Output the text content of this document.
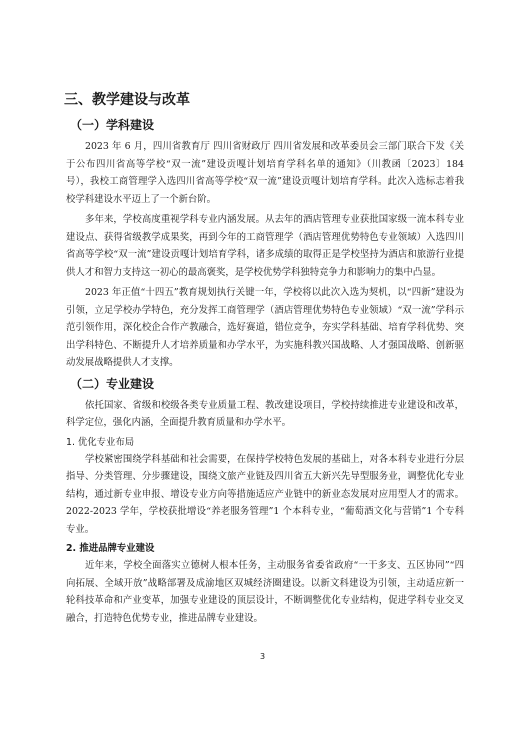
三、教学建设与改革
（一）学科建设

2023 年 6 月，四川省教育厅 四川省财政厅 四川省发展和改革委员会三部门联合下发《关于公布四川省高等学校“双一流”建设贡嘎计划培育学科名单的通知》（川教函〔2023〕184 号），我校工商管理学入选四川省高等学校“双一流”建设贡嘎计划培育学科。此次入选标志着我校学科建设水平迈上了一个新台阶。

多年来，学校高度重视学科专业内涵发展。从去年的酒店管理专业获批国家级一流本科专业建设点、获得省级教学成果奖，再到今年的工商管理学（酒店管理优势特色专业领域）入选四川省高等学校“双一流”建设贡嘎计划培育学科，诸多成绩的取得正是学校坚持为酒店和旅游行业提供人才和智力支持这一初心的最高褒奖，是学校优势学科独特竞争力和影响力的集中凸显。

2023 年正值“十四五”教育规划执行关键一年，学校将以此次入选为契机，以“四新”建设为引领，立足学校办学特色，充分发挥工商管理学（酒店管理优势特色专业领域）“双一流”学科示范引领作用，深化校企合作产教融合，选好赛道，错位竞争，夯实学科基础、培育学科优势、突出学科特色、不断提升人才培养质量和办学水平，为实施科教兴国战略、人才强国战略、创新驱动发展战略提供人才支撑。

（二）专业建设

依托国家、省级和校级各类专业质量工程、教改建设项目，学校持续推进专业建设和改革，科学定位，强化内涵，全面提升教育质量和办学水平。

1. 优化专业布局

学校紧密围绕学科基础和社会需要，在保持学校特色发展的基础上，对各本科专业进行分层指导、分类管理、分步骤建设，围绕文旅产业链及四川省五大新兴先导型服务业，调整优化专业结构，通过新专业申报、增设专业方向等措施适应产业链中的新业态发展对应用型人才的需求。2022-2023 学年，学校获批增设“养老服务管理”1 个本科专业，“葡萄酒文化与营销”1 个专科专业。

2. 推进品牌专业建设

近年来，学校全面落实立德树人根本任务，主动服务省委省政府“一干多支、五区协同”“四向拓展、全域开放”战略部署及成渝地区双城经济圈建设。以新文科建设为引领，主动适应新一轮科技革命和产业变革，加强专业建设的顶层设计，不断调整优化专业结构，促进学科专业交叉融合，打造特色优势专业，推进品牌专业建设。

3
